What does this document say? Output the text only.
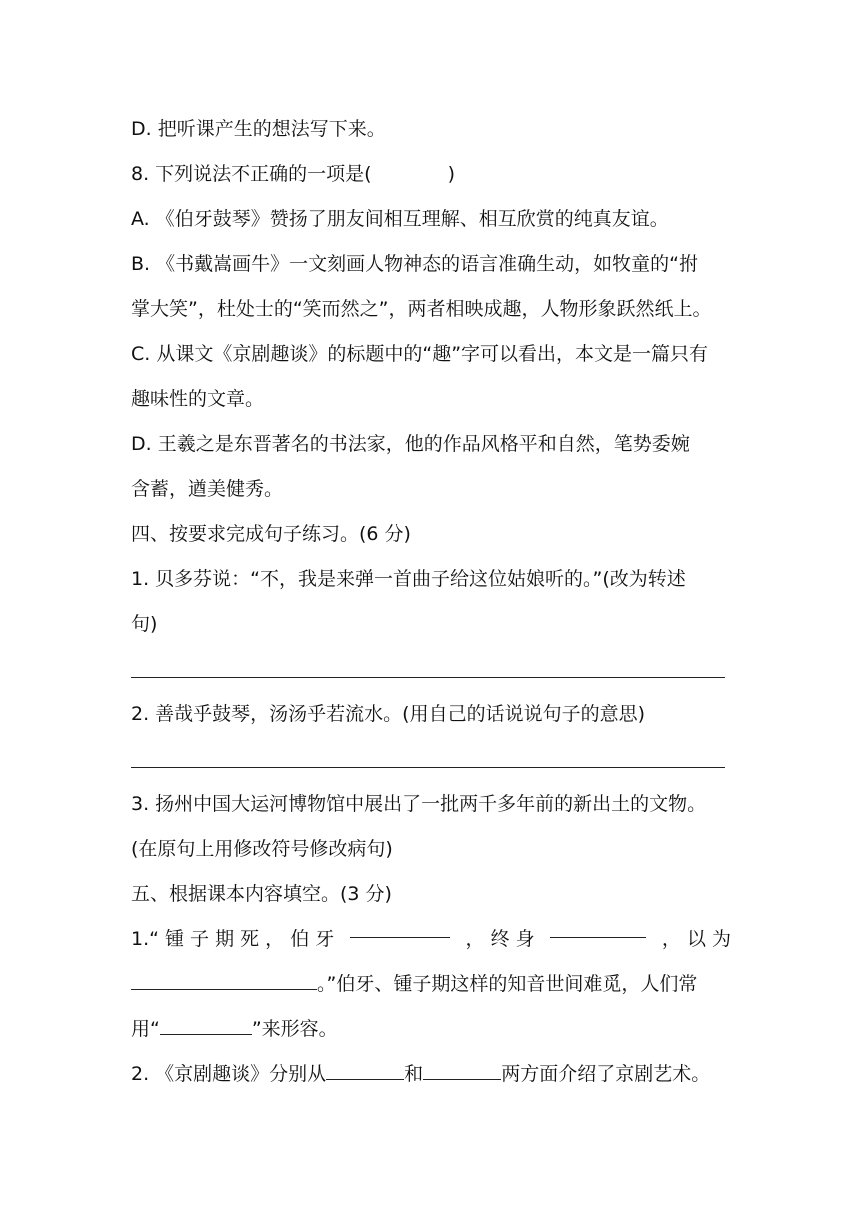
D. 把听课产生的想法写下来。
8. 下列说法不正确的一项是(　　　　)
A. 《伯牙鼓琴》赞扬了朋友间相互理解、相互欣赏的纯真友谊。
B. 《书戴嵩画牛》一文刻画人物神态的语言准确生动，如牧童的“拊
掌大笑”，杜处士的“笑而然之”，两者相映成趣，人物形象跃然纸上。
C. 从课文《京剧趣谈》的标题中的“趣”字可以看出，本文是一篇只有
趣味性的文章。
D. 王羲之是东晋著名的书法家，他的作品风格平和自然，笔势委婉
含蓄，遒美健秀。
四、按要求完成句子练习。(6 分)
1. 贝多芬说：“不，我是来弹一首曲子给这位姑娘听的。”(改为转述
句)
2. 善哉乎鼓琴，汤汤乎若流水。(用自己的话说说句子的意思)
3. 扬州中国大运河博物馆中展出了一批两千多年前的新出土的文物。
(在原句上用修改符号修改病句)
五、根据课本内容填空。(3 分)
1.“ 锺 子 期 死 ， 伯 牙	， 终 身	， 以 为
。”伯牙、锺子期这样的知音世间难觅，人们常
用“	”来形容。
2. 《京剧趣谈》分别从	和	两方面介绍了京剧艺术。
